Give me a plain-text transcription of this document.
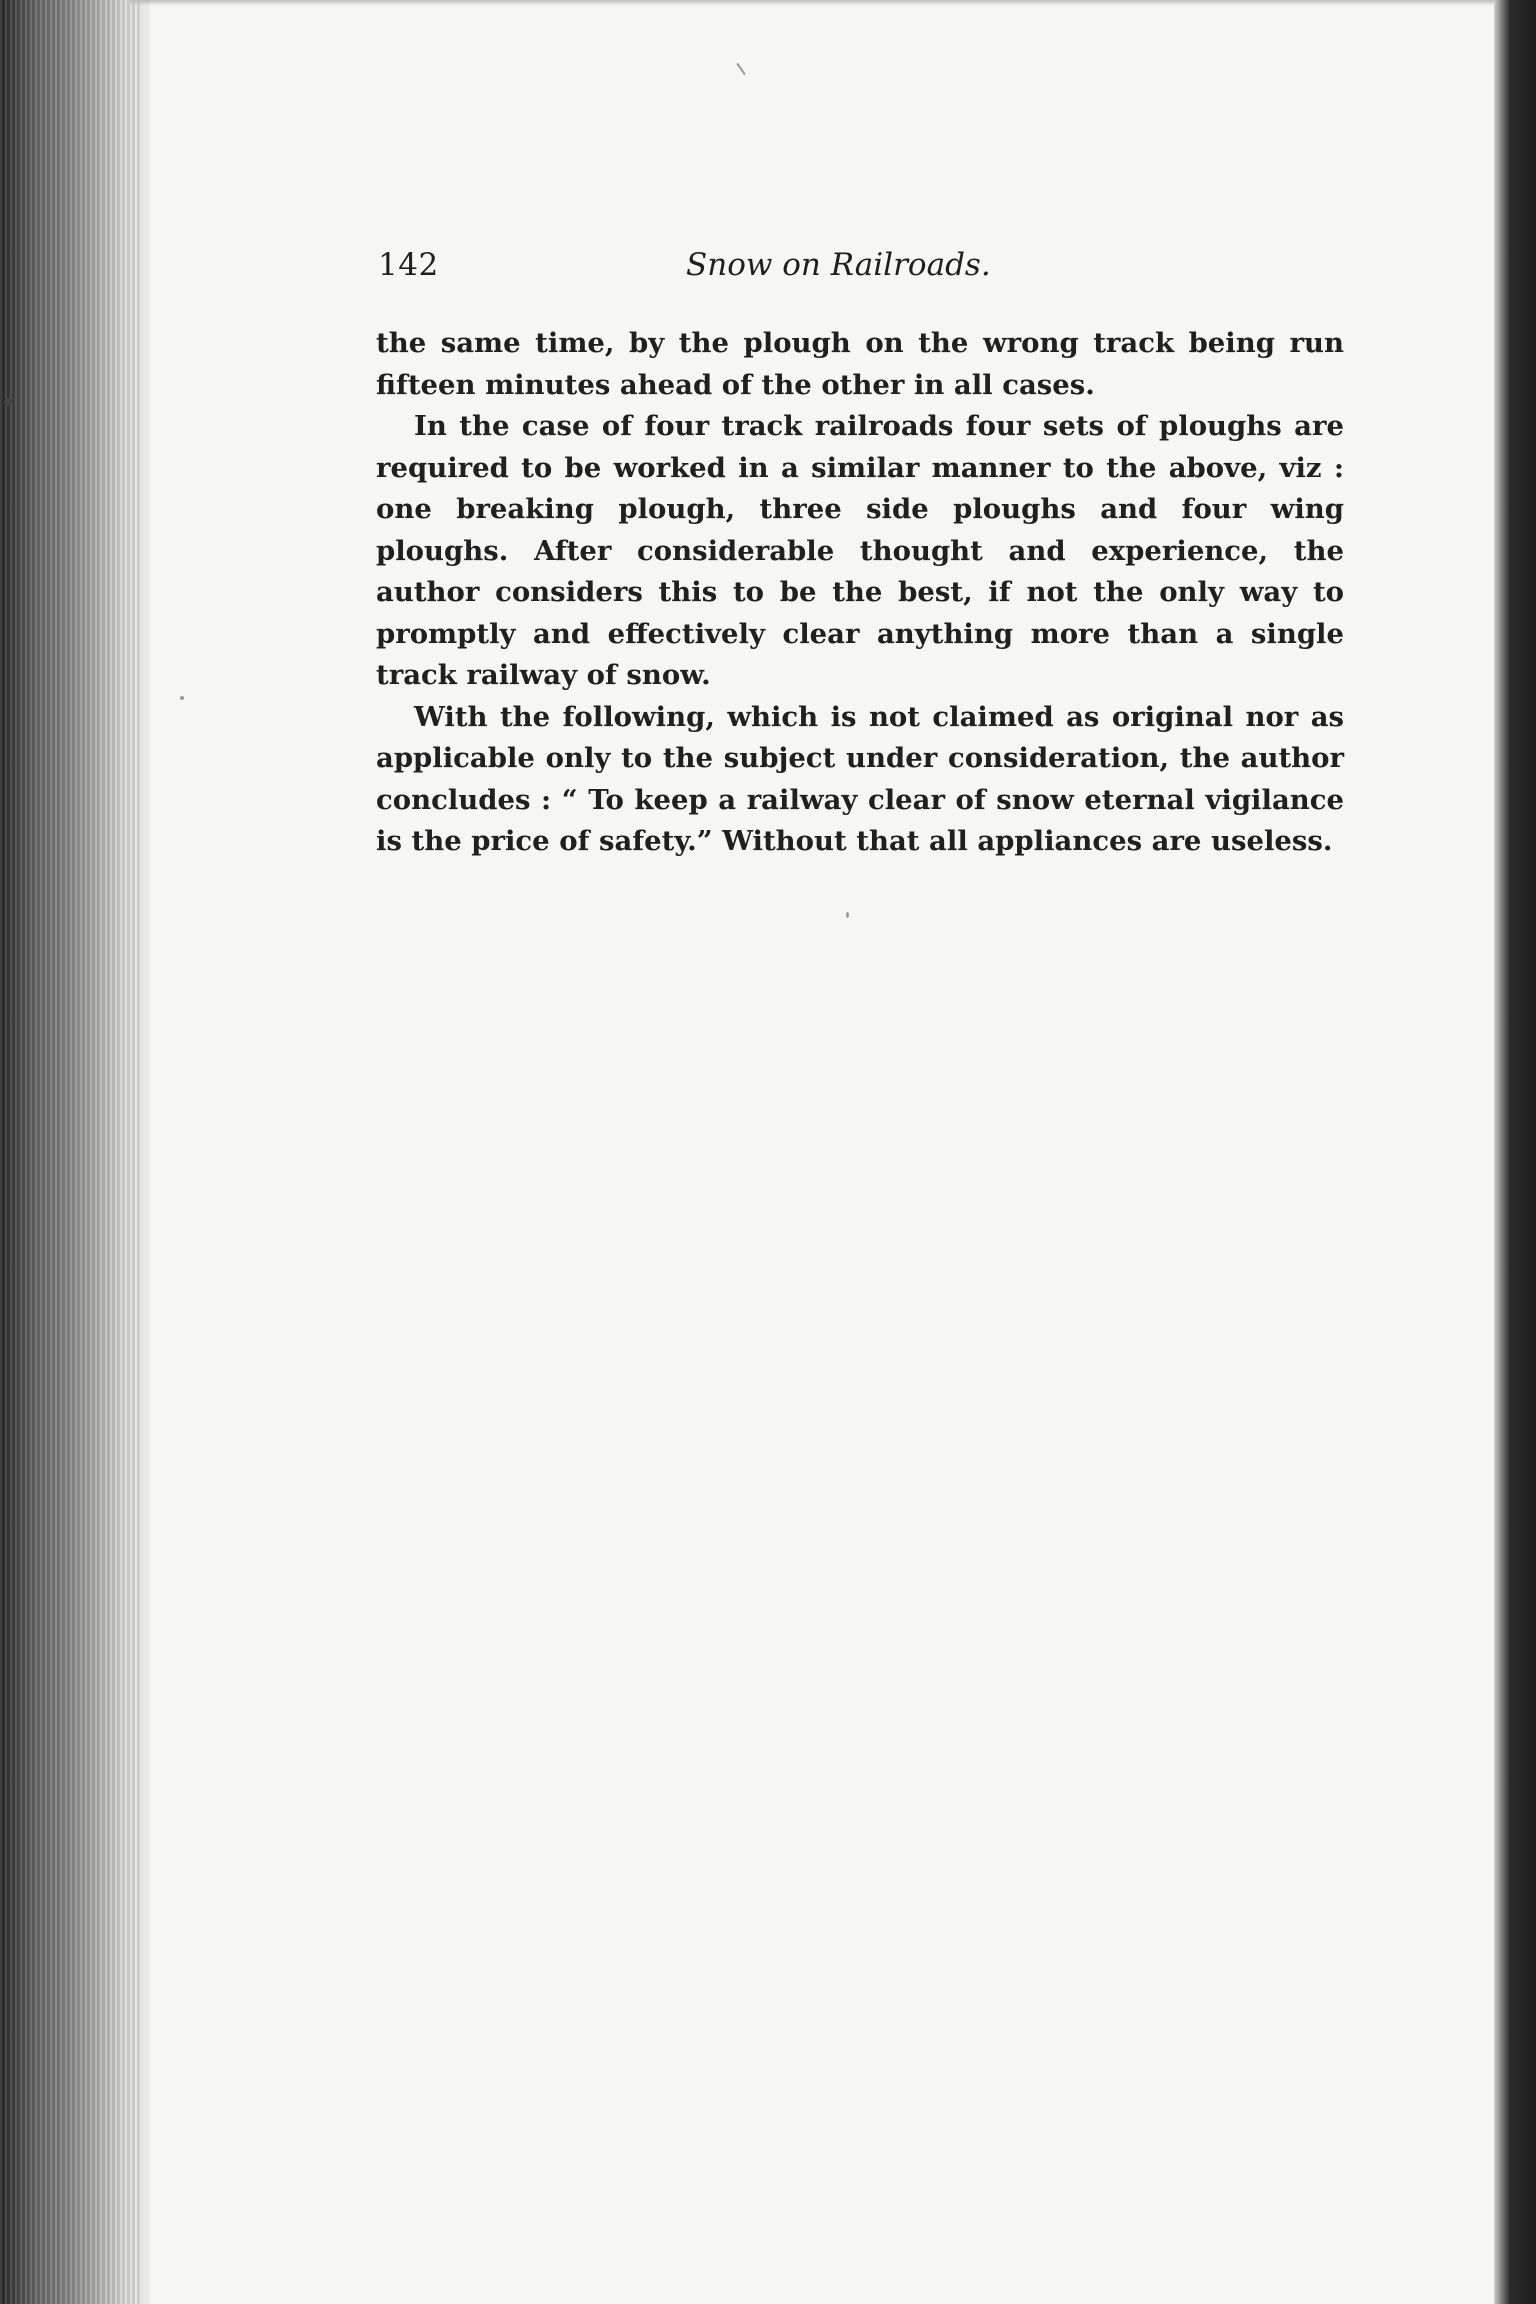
142	Snow on Railroads.

the same time, by the plough on the wrong track being run fifteen minutes ahead of the other in all cases.

In the case of four track railroads four sets of ploughs are required to be worked in a similar manner to the above, viz : one breaking plough, three side ploughs and four wing ploughs. After considerable thought and experience, the author considers this to be the best, if not the only way to promptly and effectively clear anything more than a single track railway of snow.

With the following, which is not claimed as original nor as applicable only to the subject under consideration, the author concludes : “ To keep a railway clear of snow eternal vigilance is the price of safety.” Without that all appliances are useless.
